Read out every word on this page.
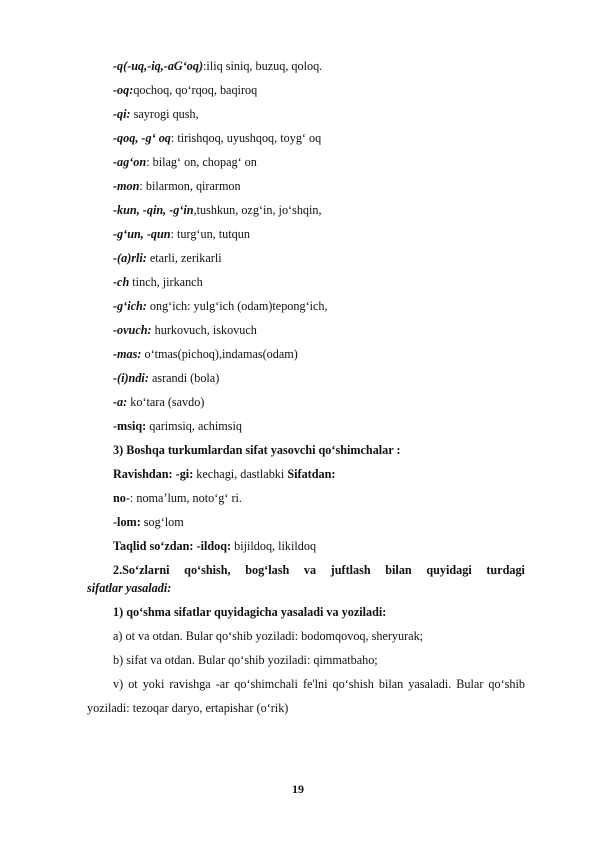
-q(-uq,-iq,-aG‘oq):iliq siniq, buzuq, qoloq.
-oq:qochoq, qo‘rqoq, baqiroq
-qi: sayrogi qush,
-qoq, -g‘ oq: tirishqoq, uyushqoq, toyg‘ oq
-ag‘on: bilag‘ on, chopag‘ on
-mon: bilarmon, qirarmon
-kun, -qin, -g‘in,tushkun, ozg‘in, jo‘shqin,
-g‘un, -qun: turg‘un, tutqun
-(a)rli: etarli, zerikarli
-ch tinch, jirkanch
-g‘ich: ong‘ich: yulg‘ich (odam)tepong‘ich,
-ovuch: hurkovuch, iskovuch
-mas: o‘tmas(pichoq),indamas(odam)
-(i)ndi: asrandi (bola)
-a: ko‘tara (savdo)
-msiq: qarimsiq, achimsiq
3) Boshqa turkumlardan sifat yasovchi qo‘shimchalar :
Ravishdan: -gi: kechagi, dastlabki Sifatdan:
no-: noma’lum, noto‘g‘ ri.
-lom: sog‘lom
Taqlid so‘zdan: -ildoq: bijildoq, likildoq
2.So‘zlarni qo‘shish, bog‘lash va juftlash bilan quyidagi turdagi
sifatlar yasaladi:
1) qo‘shma sifatlar quyidagicha yasaladi va yoziladi:
a) ot va otdan. Bular qo‘shib yoziladi: bodomqovoq, sheryurak;
b) sifat va otdan. Bular qo‘shib yoziladi: qimmatbaho;
v) ot yoki ravishga -ar qo‘shimchali fe'lni qo‘shish bilan yasaladi. Bular qo‘shib
yoziladi: tezoqar daryo, ertapishar (o‘rik)
19
